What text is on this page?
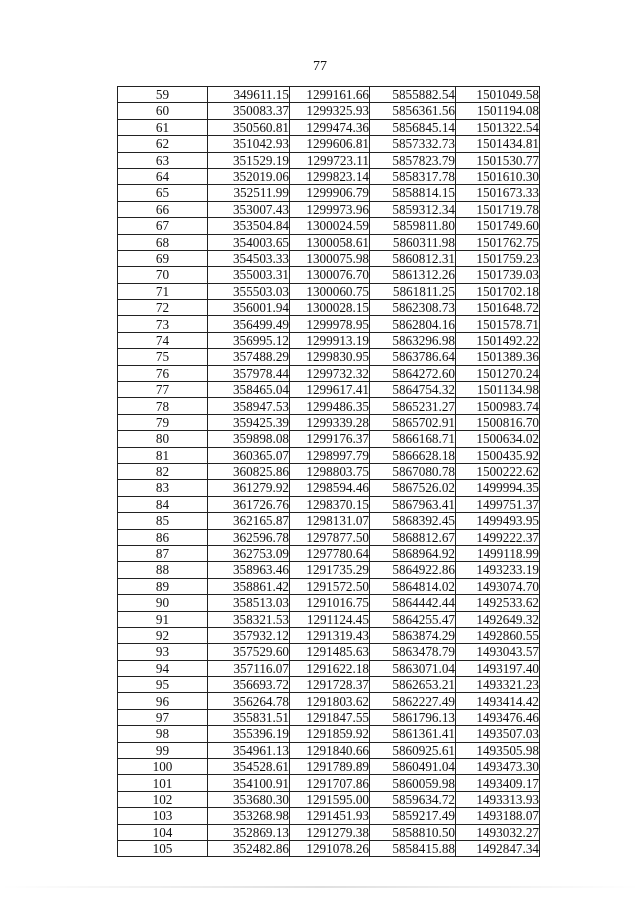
77
59	349611.15	1299161.66	5855882.54	1501049.58
60	350083.37	1299325.93	5856361.56	1501194.08
61	350560.81	1299474.36	5856845.14	1501322.54
62	351042.93	1299606.81	5857332.73	1501434.81
63	351529.19	1299723.11	5857823.79	1501530.77
64	352019.06	1299823.14	5858317.78	1501610.30
65	352511.99	1299906.79	5858814.15	1501673.33
66	353007.43	1299973.96	5859312.34	1501719.78
67	353504.84	1300024.59	5859811.80	1501749.60
68	354003.65	1300058.61	5860311.98	1501762.75
69	354503.33	1300075.98	5860812.31	1501759.23
70	355003.31	1300076.70	5861312.26	1501739.03
71	355503.03	1300060.75	5861811.25	1501702.18
72	356001.94	1300028.15	5862308.73	1501648.72
73	356499.49	1299978.95	5862804.16	1501578.71
74	356995.12	1299913.19	5863296.98	1501492.22
75	357488.29	1299830.95	5863786.64	1501389.36
76	357978.44	1299732.32	5864272.60	1501270.24
77	358465.04	1299617.41	5864754.32	1501134.98
78	358947.53	1299486.35	5865231.27	1500983.74
79	359425.39	1299339.28	5865702.91	1500816.70
80	359898.08	1299176.37	5866168.71	1500634.02
81	360365.07	1298997.79	5866628.18	1500435.92
82	360825.86	1298803.75	5867080.78	1500222.62
83	361279.92	1298594.46	5867526.02	1499994.35
84	361726.76	1298370.15	5867963.41	1499751.37
85	362165.87	1298131.07	5868392.45	1499493.95
86	362596.78	1297877.50	5868812.67	1499222.37
87	362753.09	1297780.64	5868964.92	1499118.99
88	358963.46	1291735.29	5864922.86	1493233.19
89	358861.42	1291572.50	5864814.02	1493074.70
90	358513.03	1291016.75	5864442.44	1492533.62
91	358321.53	1291124.45	5864255.47	1492649.32
92	357932.12	1291319.43	5863874.29	1492860.55
93	357529.60	1291485.63	5863478.79	1493043.57
94	357116.07	1291622.18	5863071.04	1493197.40
95	356693.72	1291728.37	5862653.21	1493321.23
96	356264.78	1291803.62	5862227.49	1493414.42
97	355831.51	1291847.55	5861796.13	1493476.46
98	355396.19	1291859.92	5861361.41	1493507.03
99	354961.13	1291840.66	5860925.61	1493505.98
100	354528.61	1291789.89	5860491.04	1493473.30
101	354100.91	1291707.86	5860059.98	1493409.17
102	353680.30	1291595.00	5859634.72	1493313.93
103	353268.98	1291451.93	5859217.49	1493188.07
104	352869.13	1291279.38	5858810.50	1493032.27
105	352482.86	1291078.26	5858415.88	1492847.34
